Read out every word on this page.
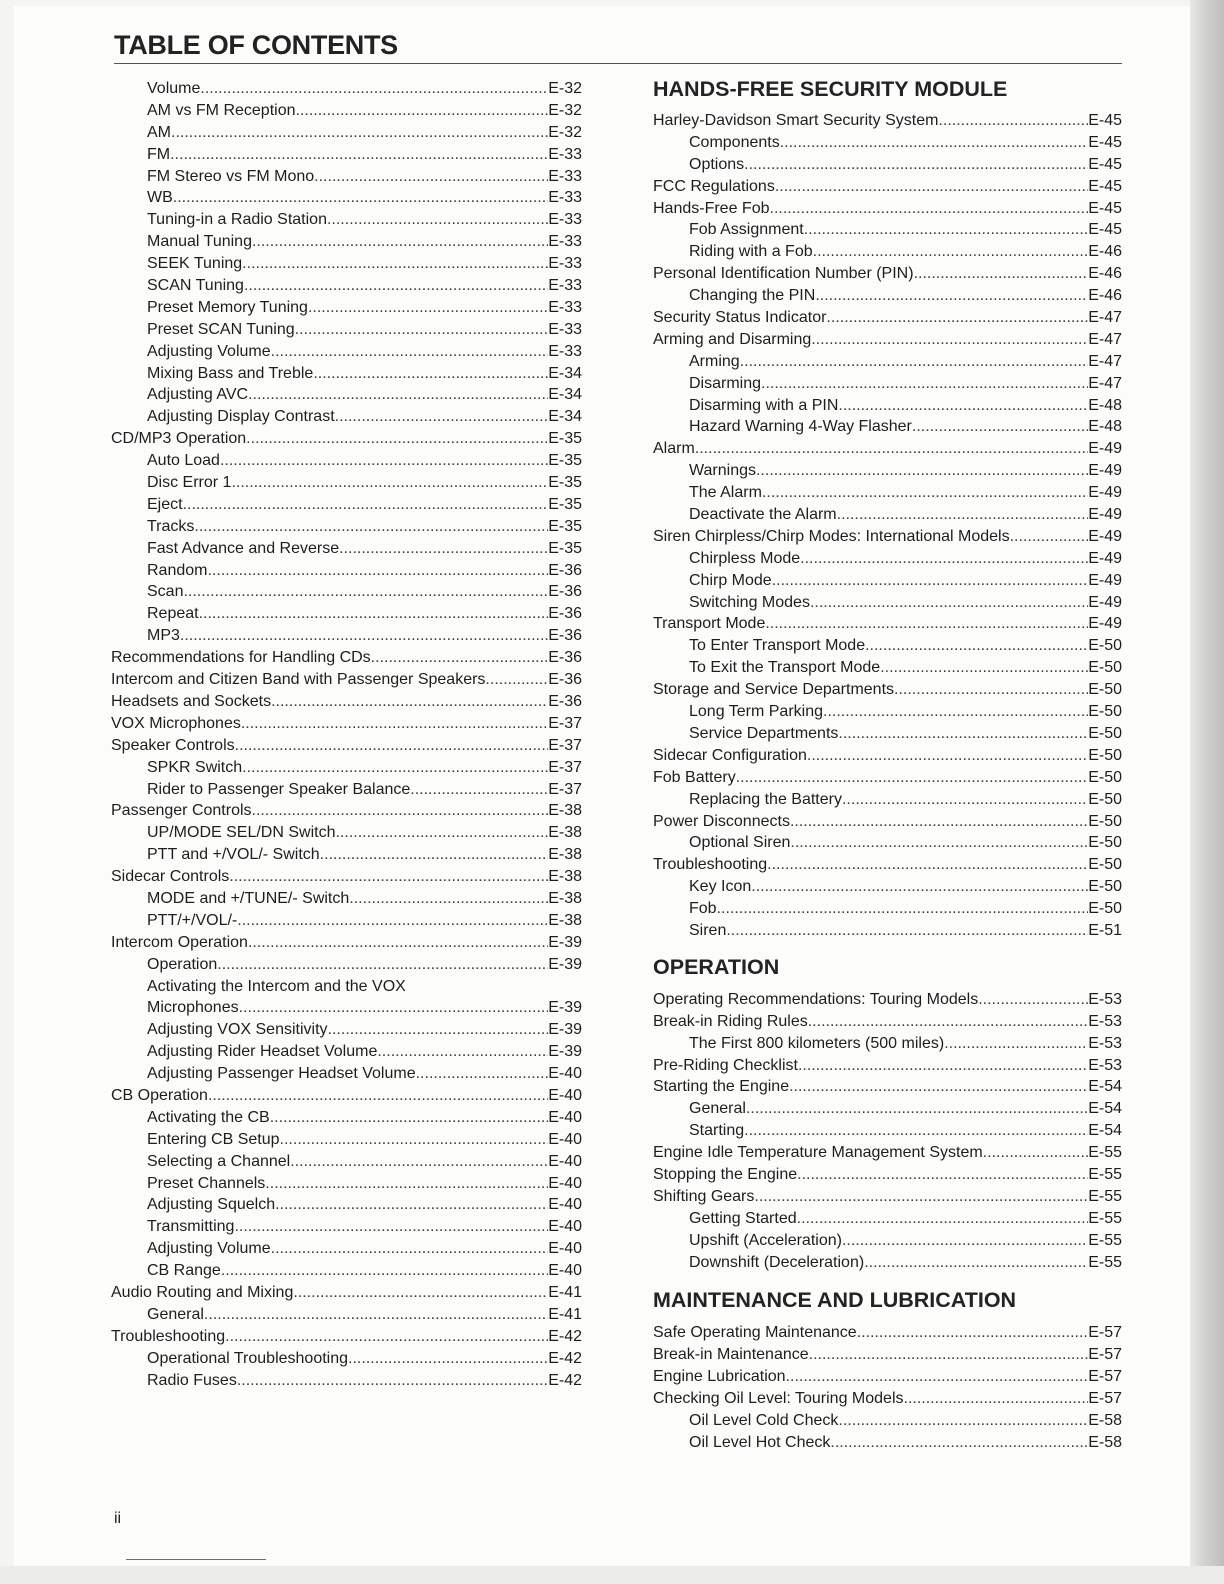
TABLE OF CONTENTS
Volume .....	E-32
AM vs FM Reception .....	E-32
AM .....	E-32
FM .....	E-33
FM Stereo vs FM Mono .....	E-33
WB .....	E-33
Tuning-in a Radio Station .....	E-33
Manual Tuning .....	E-33
SEEK Tuning .....	E-33
SCAN Tuning .....	E-33
Preset Memory Tuning .....	E-33
Preset SCAN Tuning .....	E-33
Adjusting Volume .....	E-33
Mixing Bass and Treble .....	E-34
Adjusting AVC .....	E-34
Adjusting Display Contrast .....	E-34
CD/MP3 Operation .....	E-35
Auto Load .....	E-35
Disc Error 1 .....	E-35
Eject .....	E-35
Tracks .....	E-35
Fast Advance and Reverse .....	E-35
Random .....	E-36
Scan .....	E-36
Repeat .....	E-36
MP3 .....	E-36
Recommendations for Handling CDs .....	E-36
Intercom and Citizen Band with Passenger Speakers .....	E-36
Headsets and Sockets .....	E-36
VOX Microphones .....	E-37
Speaker Controls .....	E-37
SPKR Switch .....	E-37
Rider to Passenger Speaker Balance .....	E-37
Passenger Controls .....	E-38
UP/MODE SEL/DN Switch .....	E-38
PTT and +/VOL/- Switch .....	E-38
Sidecar Controls .....	E-38
MODE and +/TUNE/- Switch .....	E-38
PTT/+/VOL/- .....	E-38
Intercom Operation .....	E-39
Operation .....	E-39
Activating the Intercom and the VOX
Microphones .....	E-39
Adjusting VOX Sensitivity .....	E-39
Adjusting Rider Headset Volume .....	E-39
Adjusting Passenger Headset Volume .....	E-40
CB Operation .....	E-40
Activating the CB .....	E-40
Entering CB Setup .....	E-40
Selecting a Channel .....	E-40
Preset Channels .....	E-40
Adjusting Squelch .....	E-40
Transmitting .....	E-40
Adjusting Volume .....	E-40
CB Range .....	E-40
Audio Routing and Mixing .....	E-41
General .....	E-41
Troubleshooting .....	E-42
Operational Troubleshooting .....	E-42
Radio Fuses .....	E-42
HANDS-FREE SECURITY MODULE
Harley-Davidson Smart Security System .....	E-45
Components .....	E-45
Options .....	E-45
FCC Regulations .....	E-45
Hands-Free Fob .....	E-45
Fob Assignment .....	E-45
Riding with a Fob .....	E-46
Personal Identification Number (PIN) .....	E-46
Changing the PIN .....	E-46
Security Status Indicator .....	E-47
Arming and Disarming .....	E-47
Arming .....	E-47
Disarming .....	E-47
Disarming with a PIN .....	E-48
Hazard Warning 4-Way Flasher .....	E-48
Alarm .....	E-49
Warnings .....	E-49
The Alarm .....	E-49
Deactivate the Alarm .....	E-49
Siren Chirpless/Chirp Modes: International Models .....	E-49
Chirpless Mode .....	E-49
Chirp Mode .....	E-49
Switching Modes .....	E-49
Transport Mode .....	E-49
To Enter Transport Mode .....	E-50
To Exit the Transport Mode .....	E-50
Storage and Service Departments .....	E-50
Long Term Parking .....	E-50
Service Departments .....	E-50
Sidecar Configuration .....	E-50
Fob Battery .....	E-50
Replacing the Battery .....	E-50
Power Disconnects .....	E-50
Optional Siren .....	E-50
Troubleshooting .....	E-50
Key Icon .....	E-50
Fob .....	E-50
Siren .....	E-51
OPERATION
Operating Recommendations: Touring Models .....	E-53
Break-in Riding Rules .....	E-53
The First 800 kilometers (500 miles) .....	E-53
Pre-Riding Checklist .....	E-53
Starting the Engine .....	E-54
General .....	E-54
Starting .....	E-54
Engine Idle Temperature Management System .....	E-55
Stopping the Engine .....	E-55
Shifting Gears .....	E-55
Getting Started .....	E-55
Upshift (Acceleration) .....	E-55
Downshift (Deceleration) .....	E-55
MAINTENANCE AND LUBRICATION
Safe Operating Maintenance .....	E-57
Break-in Maintenance .....	E-57
Engine Lubrication .....	E-57
Checking Oil Level: Touring Models .....	E-57
Oil Level Cold Check .....	E-58
Oil Level Hot Check .....	E-58
ii
